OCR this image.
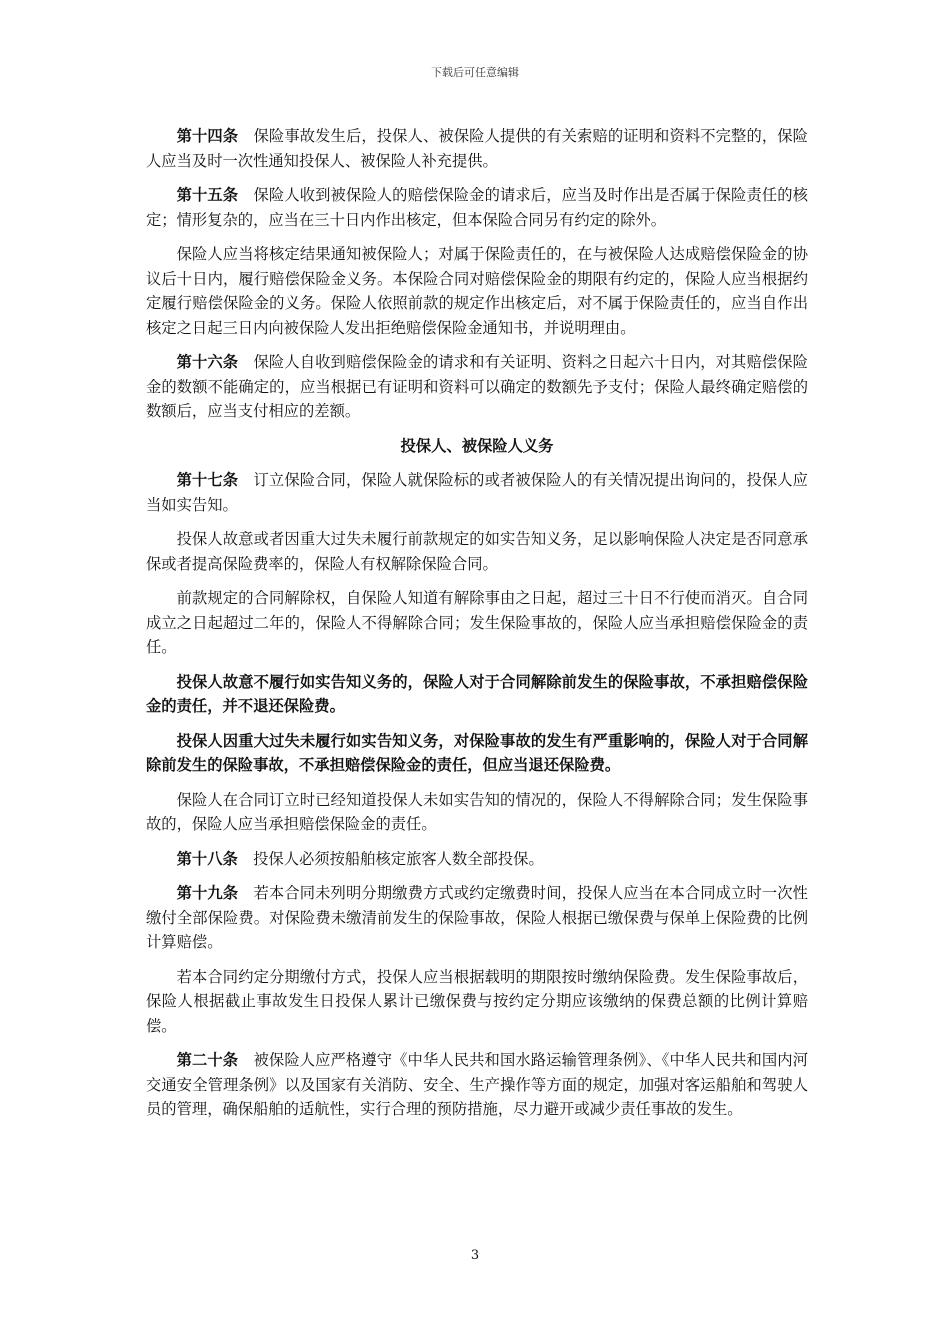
下载后可任意编辑

第十四条 保险事故发生后，投保人、被保险人提供的有关索赔的证明和资料不完整的，保险人应当及时一次性通知投保人、被保险人补充提供。

第十五条 保险人收到被保险人的赔偿保险金的请求后，应当及时作出是否属于保险责任的核定；情形复杂的，应当在三十日内作出核定，但本保险合同另有约定的除外。

保险人应当将核定结果通知被保险人；对属于保险责任的，在与被保险人达成赔偿保险金的协议后十日内，履行赔偿保险金义务。本保险合同对赔偿保险金的期限有约定的，保险人应当根据约定履行赔偿保险金的义务。保险人依照前款的规定作出核定后，对不属于保险责任的，应当自作出核定之日起三日内向被保险人发出拒绝赔偿保险金通知书，并说明理由。

第十六条 保险人自收到赔偿保险金的请求和有关证明、资料之日起六十日内，对其赔偿保险金的数额不能确定的，应当根据已有证明和资料可以确定的数额先予支付；保险人最终确定赔偿的数额后，应当支付相应的差额。

投保人、被保险人义务

第十七条 订立保险合同，保险人就保险标的或者被保险人的有关情况提出询问的，投保人应当如实告知。

投保人故意或者因重大过失未履行前款规定的如实告知义务，足以影响保险人决定是否同意承保或者提高保险费率的，保险人有权解除保险合同。

前款规定的合同解除权，自保险人知道有解除事由之日起，超过三十日不行使而消灭。自合同成立之日起超过二年的，保险人不得解除合同；发生保险事故的，保险人应当承担赔偿保险金的责任。

投保人故意不履行如实告知义务的，保险人对于合同解除前发生的保险事故，不承担赔偿保险金的责任，并不退还保险费。

投保人因重大过失未履行如实告知义务，对保险事故的发生有严重影响的，保险人对于合同解除前发生的保险事故，不承担赔偿保险金的责任，但应当退还保险费。

保险人在合同订立时已经知道投保人未如实告知的情况的，保险人不得解除合同；发生保险事故的，保险人应当承担赔偿保险金的责任。

第十八条 投保人必须按船舶核定旅客人数全部投保。

第十九条 若本合同未列明分期缴费方式或约定缴费时间，投保人应当在本合同成立时一次性缴付全部保险费。对保险费未缴清前发生的保险事故，保险人根据已缴保费与保单上保险费的比例计算赔偿。

若本合同约定分期缴付方式，投保人应当根据载明的期限按时缴纳保险费。发生保险事故后，保险人根据截止事故发生日投保人累计已缴保费与按约定分期应该缴纳的保费总额的比例计算赔偿。

第二十条 被保险人应严格遵守《中华人民共和国水路运输管理条例》、《中华人民共和国内河交通安全管理条例》以及国家有关消防、安全、生产操作等方面的规定，加强对客运船舶和驾驶人员的管理，确保船舶的适航性，实行合理的预防措施，尽力避开或减少责任事故的发生。

3
